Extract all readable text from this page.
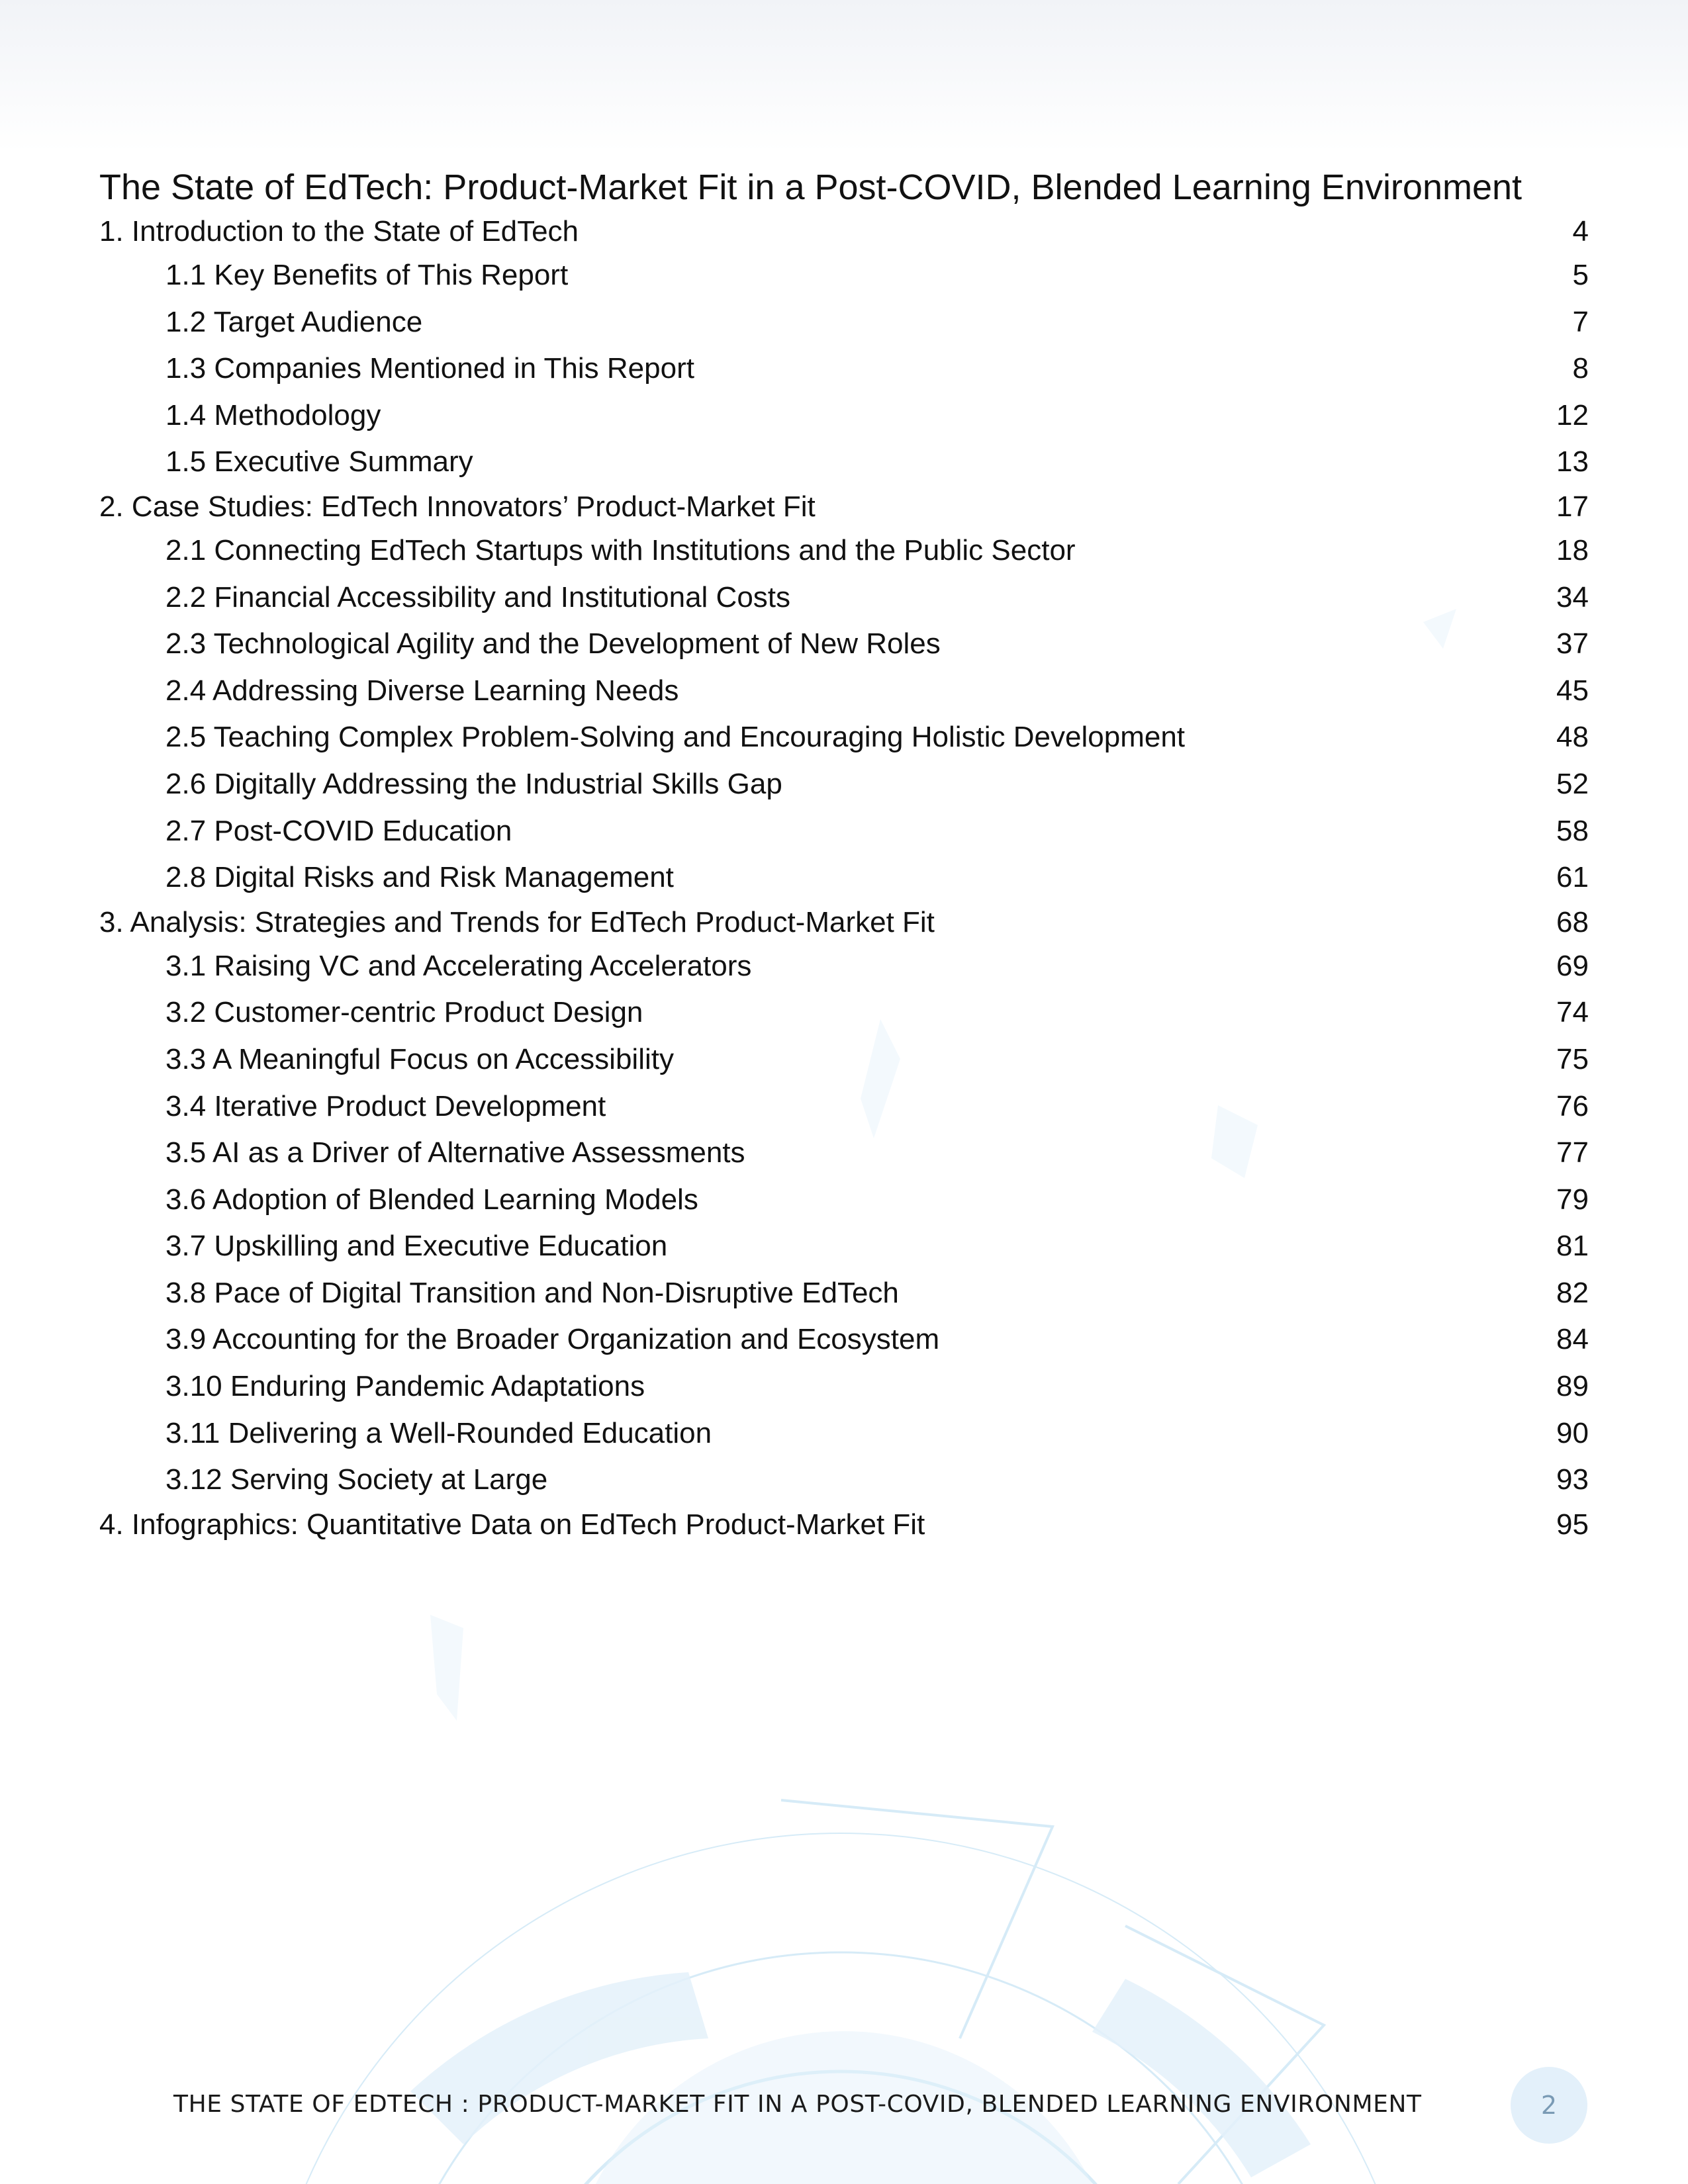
The State of EdTech: Product-Market Fit in a Post-COVID, Blended Learning Environment
1. Introduction to the State of EdTech	4
1.1 Key Benefits of This Report	5
1.2 Target Audience	7
1.3 Companies Mentioned in This Report	8
1.4 Methodology	12
1.5 Executive Summary	13
2. Case Studies: EdTech Innovators’ Product-Market Fit	17
2.1 Connecting EdTech Startups with Institutions and the Public Sector	18
2.2 Financial Accessibility and Institutional Costs	34
2.3 Technological Agility and the Development of New Roles	37
2.4 Addressing Diverse Learning Needs	45
2.5 Teaching Complex Problem-Solving and Encouraging Holistic Development	48
2.6 Digitally Addressing the Industrial Skills Gap	52
2.7 Post-COVID Education	58
2.8 Digital Risks and Risk Management	61
3. Analysis: Strategies and Trends for EdTech Product-Market Fit	68
3.1 Raising VC and Accelerating Accelerators	69
3.2 Customer-centric Product Design	74
3.3 A Meaningful Focus on Accessibility	75
3.4 Iterative Product Development	76
3.5 AI as a Driver of Alternative Assessments	77
3.6 Adoption of Blended Learning Models	79
3.7 Upskilling and Executive Education	81
3.8 Pace of Digital Transition and Non-Disruptive EdTech	82
3.9 Accounting for the Broader Organization and Ecosystem	84
3.10 Enduring Pandemic Adaptations	89
3.11 Delivering a Well-Rounded Education	90
3.12 Serving Society at Large	93
4. Infographics: Quantitative Data on EdTech Product-Market Fit	95
THE STATE OF EDTECH : PRODUCT-MARKET FIT IN A POST-COVID, BLENDED LEARNING ENVIRONMENT	2
